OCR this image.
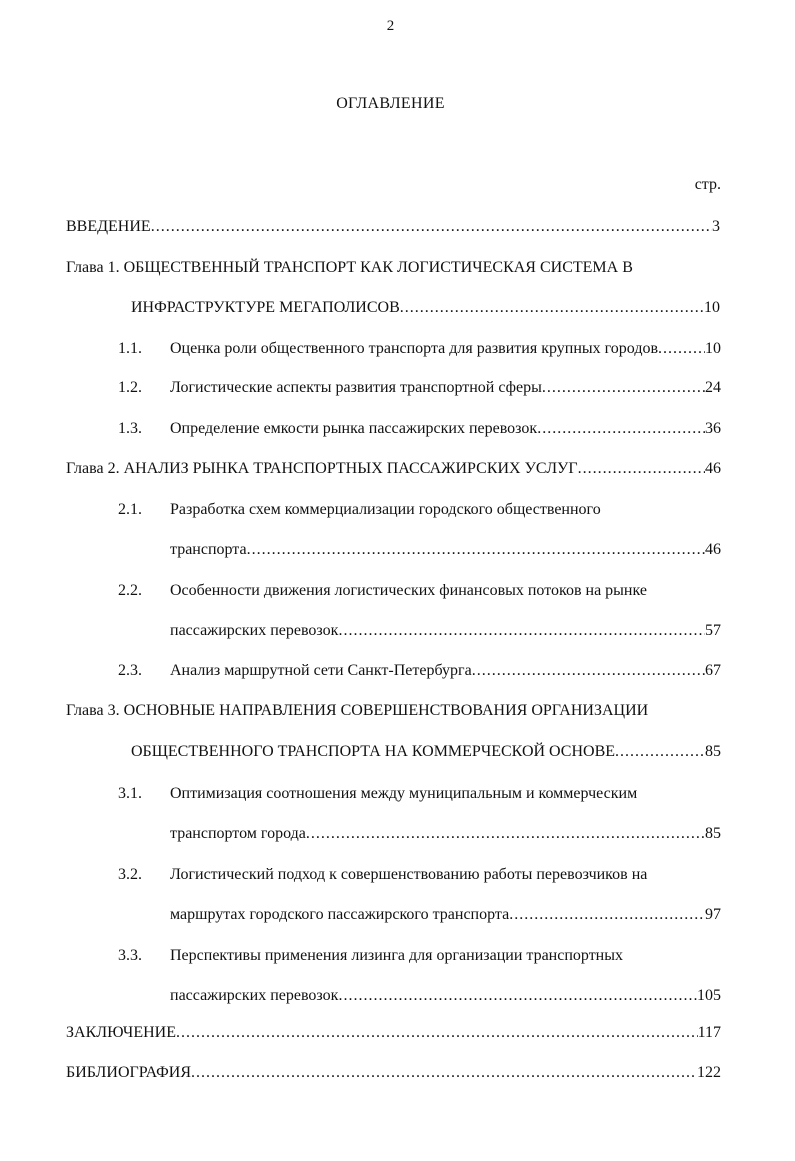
2
ОГЛАВЛЕНИЕ
стр.
ВВЕДЕНИЕ .....	3
Глава 1. ОБЩЕСТВЕННЫЙ ТРАНСПОРТ КАК ЛОГИСТИЧЕСКАЯ СИСТЕМА В
ИНФРАСТРУКТУРЕ МЕГАПОЛИСОВ .....	10
1.1.	Оценка роли общественного транспорта для развития крупных городов .....	10
1.2.	Логистические аспекты развития транспортной сферы .....	24
1.3.	Определение емкости рынка пассажирских перевозок .....	36
Глава 2. АНАЛИЗ РЫНКА ТРАНСПОРТНЫХ ПАССАЖИРСКИХ УСЛУГ .....	46
2.1. Разработка схем коммерциализации городского общественного
транспорта .....	46
2.2. Особенности движения логистических финансовых потоков на рынке
пассажирских перевозок .....	57
2.3.	Анализ маршрутной сети Санкт-Петербурга .....	67
Глава 3. ОСНОВНЫЕ НАПРАВЛЕНИЯ СОВЕРШЕНСТВОВАНИЯ ОРГАНИЗАЦИИ
ОБЩЕСТВЕННОГО ТРАНСПОРТА НА КОММЕРЧЕСКОЙ ОСНОВЕ .....	85
3.1. Оптимизация соотношения между муниципальным и коммерческим
транспортом города .....	85
3.2. Логистический подход к совершенствованию работы перевозчиков на
маршрутах городского пассажирского транспорта .....	97
3.3. Перспективы применения лизинга для организации транспортных
пассажирских перевозок .....	105
ЗАКЛЮЧЕНИЕ .....	117
БИБЛИОГРАФИЯ .....	122
